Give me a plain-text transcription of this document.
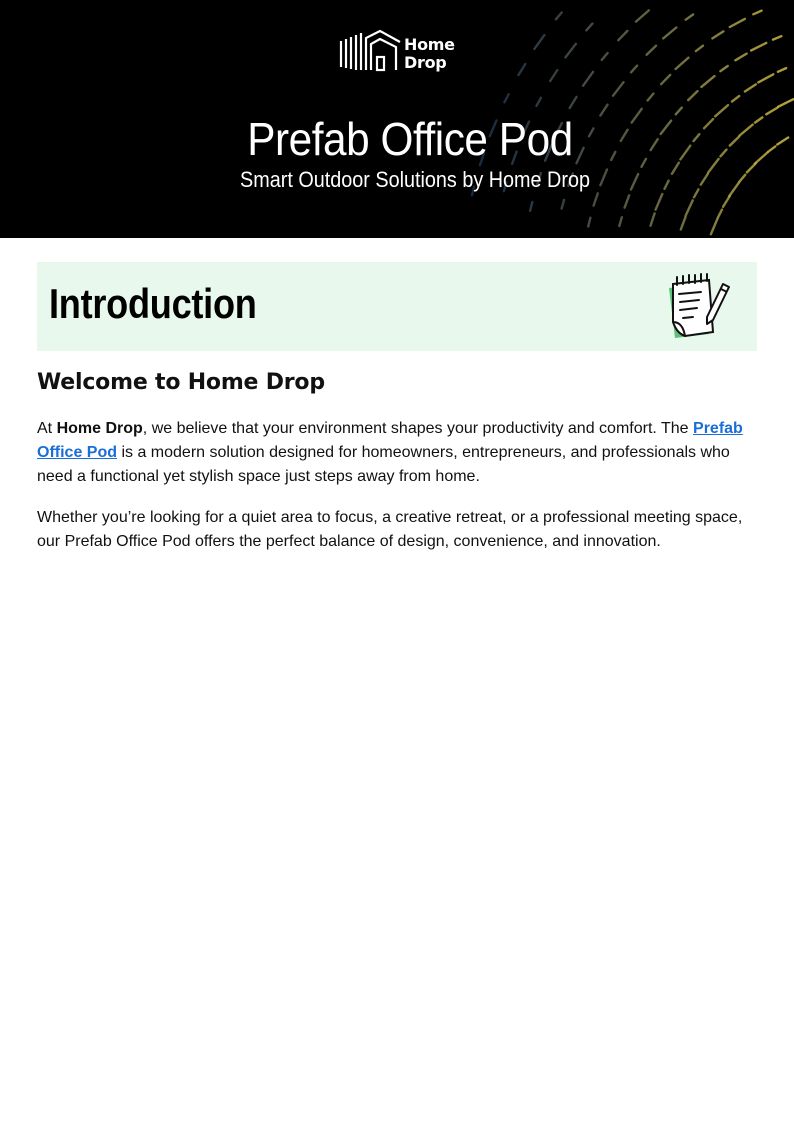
Home
Drop
Prefab Office Pod
Smart Outdoor Solutions by Home Drop
Introduction
Welcome to Home Drop

At Home Drop, we believe that your environment shapes your productivity and comfort. The Prefab Office Pod is a modern solution designed for homeowners, entrepreneurs, and professionals who need a functional yet stylish space just steps away from home.

Whether you’re looking for a quiet area to focus, a creative retreat, or a professional meeting space, our Prefab Office Pod offers the perfect balance of design, convenience, and innovation.
